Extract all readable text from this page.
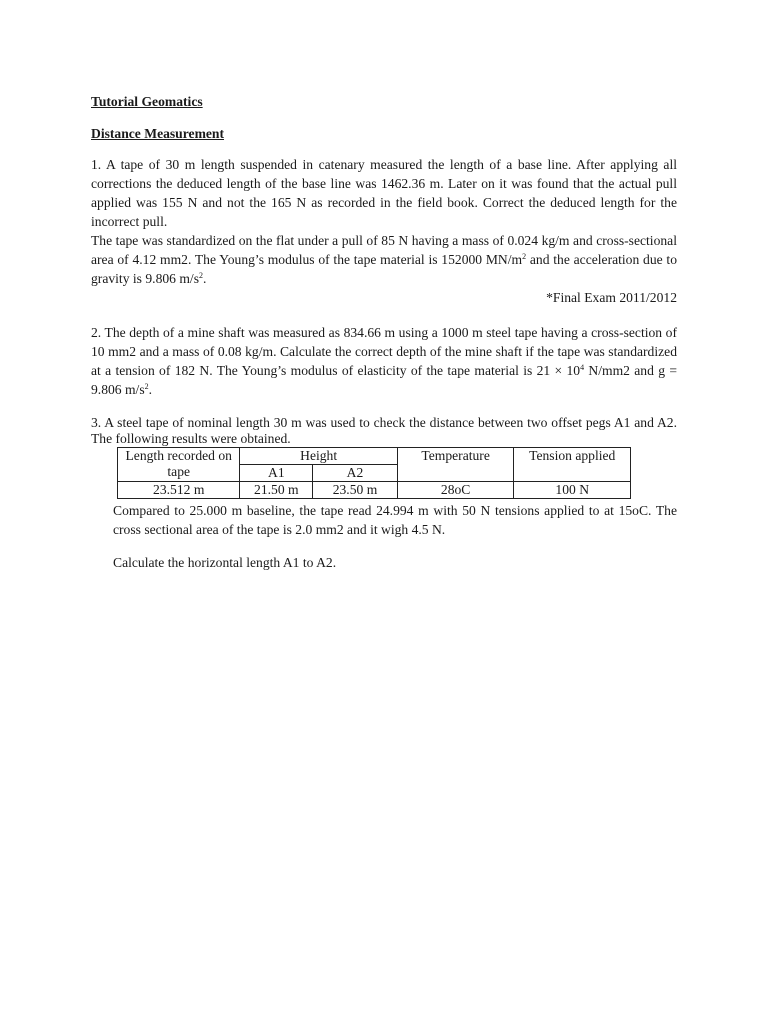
Tutorial Geomatics

Distance Measurement

1. A tape of 30 m length suspended in catenary measured the length of a base line. After applying all corrections the deduced length of the base line was 1462.36 m. Later on it was found that the actual pull applied was 155 N and not the 165 N as recorded in the field book. Correct the deduced length for the incorrect pull.

The tape was standardized on the flat under a pull of 85 N having a mass of 0.024 kg/m and cross-sectional area of 4.12 mm2. The Young’s modulus of the tape material is 152000 $MN/m^2$ and the acceleration due to gravity is 9.806 $m/s^2$.

*Final Exam 2011/2012

2. The depth of a mine shaft was measured as 834.66 m using a 1000 m steel tape having a cross-section of 10 mm2 and a mass of 0.08 kg/m. Calculate the correct depth of the mine shaft if the tape was standardized at a tension of 182 N. The Young’s modulus of elasticity of the tape material is $21 \times 10^4$ N/mm2 and g = 9.806 $m/s^2$.

3. A steel tape of nominal length 30 m was used to check the distance between two offset pegs A1 and A2. The following results were obtained.

Length recorded on tape	Height		Temperature	Tension applied
	A1	A2		
23.512 m	21.50 m	23.50 m	28oC	100 N

Compared to 25.000 m baseline, the tape read 24.994 m with 50 N tensions applied to at 15oC. The cross sectional area of the tape is 2.0 mm2 and it wigh 4.5 N.

Calculate the horizontal length A1 to A2.
